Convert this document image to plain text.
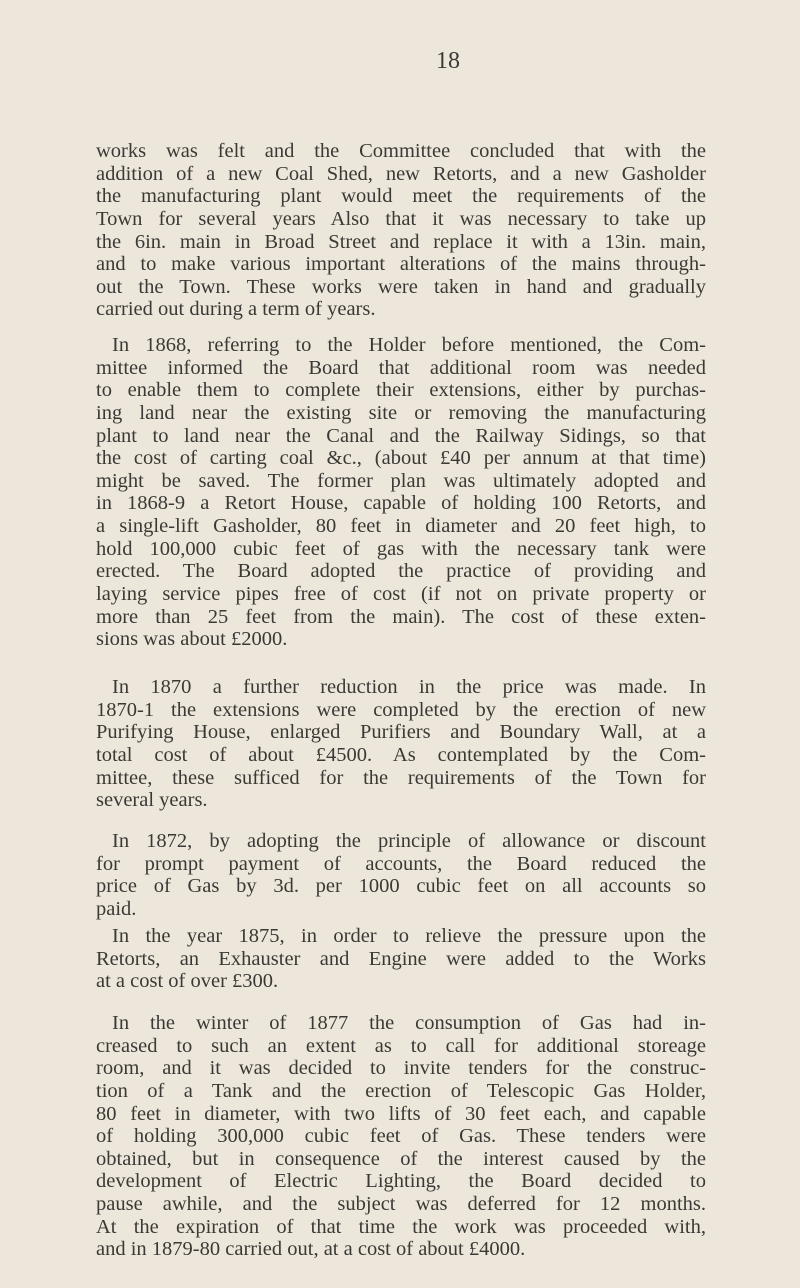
18
works was felt and the Committee concluded that with the
addition of a new Coal Shed, new Retorts, and a new Gasholder
the manufacturing plant would meet the requirements of the
Town for several years Also that it was necessary to take up
the 6in. main in Broad Street and replace it with a 13in. main,
and to make various important alterations of the mains through-
out the Town. These works were taken in hand and gradually
carried out during a term of years.
In 1868, referring to the Holder before mentioned, the Com-
mittee informed the Board that additional room was needed
to enable them to complete their extensions, either by purchas-
ing land near the existing site or removing the manufacturing
plant to land near the Canal and the Railway Sidings, so that
the cost of carting coal &c., (about £40 per annum at that time)
might be saved. The former plan was ultimately adopted and
in 1868-9 a Retort House, capable of holding 100 Retorts, and
a single-lift Gasholder, 80 feet in diameter and 20 feet high, to
hold 100,000 cubic feet of gas with the necessary tank were
erected. The Board adopted the practice of providing and
laying service pipes free of cost (if not on private property or
more than 25 feet from the main). The cost of these exten-
sions was about £2000.
In 1870 a further reduction in the price was made. In
1870-1 the extensions were completed by the erection of new
Purifying House, enlarged Purifiers and Boundary Wall, at a
total cost of about £4500. As contemplated by the Com-
mittee, these sufficed for the requirements of the Town for
several years.
In 1872, by adopting the principle of allowance or discount
for prompt payment of accounts, the Board reduced the
price of Gas by 3d. per 1000 cubic feet on all accounts so
paid.
In the year 1875, in order to relieve the pressure upon the
Retorts, an Exhauster and Engine were added to the Works
at a cost of over £300.
In the winter of 1877 the consumption of Gas had in-
creased to such an extent as to call for additional storeage
room, and it was decided to invite tenders for the construc-
tion of a Tank and the erection of Telescopic Gas Holder,
80 feet in diameter, with two lifts of 30 feet each, and capable
of holding 300,000 cubic feet of Gas. These tenders were
obtained, but in consequence of the interest caused by the
development of Electric Lighting, the Board decided to
pause awhile, and the subject was deferred for 12 months.
At the expiration of that time the work was proceeded with,
and in 1879-80 carried out, at a cost of about £4000.
